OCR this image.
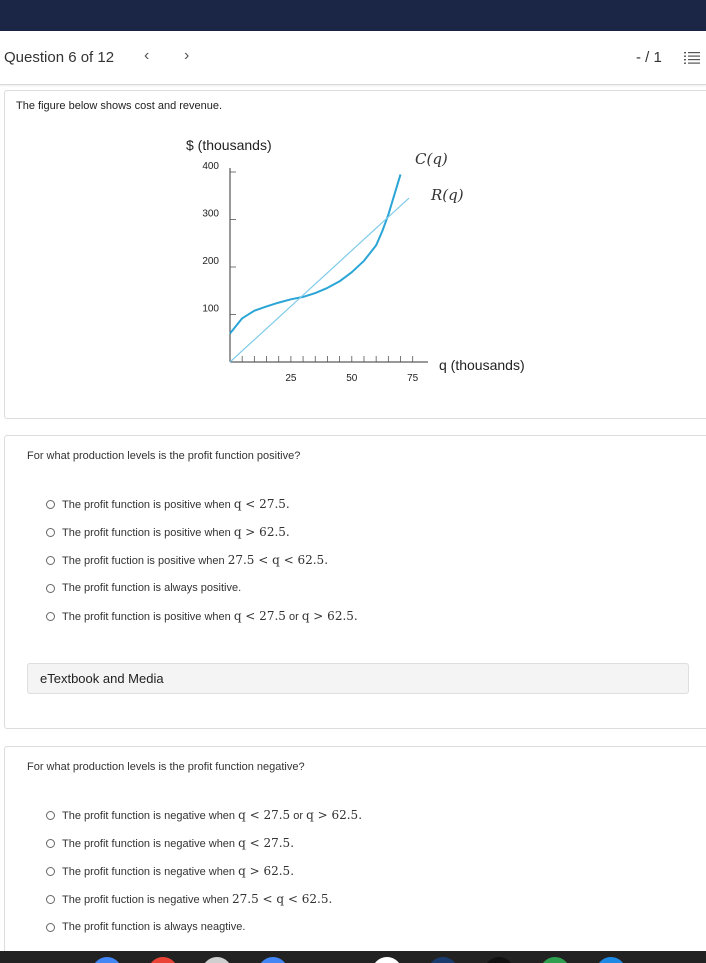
Question 6 of 12 ‹ ›	- / 1
The figure below shows cost and revenue.
100
200
300
400
25	50	75
$ (thousands)
q (thousands)
C(q)
R(q)
For what production levels is the profit function positive?
eTextbook and Media
The profit function is positive when q < 27.5.
The profit function is positive when q > 62.5.
The profit fuction is positive when 27.5 < q < 62.5.
The profit function is always positive.
The profit function is positive when q < 27.5 or q > 62.5.
For what production levels is the profit function negative?
The profit function is negative when q < 27.5 or q > 62.5.
The profit function is negative when q < 27.5.
The profit function is negative when q > 62.5.
The profit fuction is negative when 27.5 < q < 62.5.
The profit function is always neagtive.
